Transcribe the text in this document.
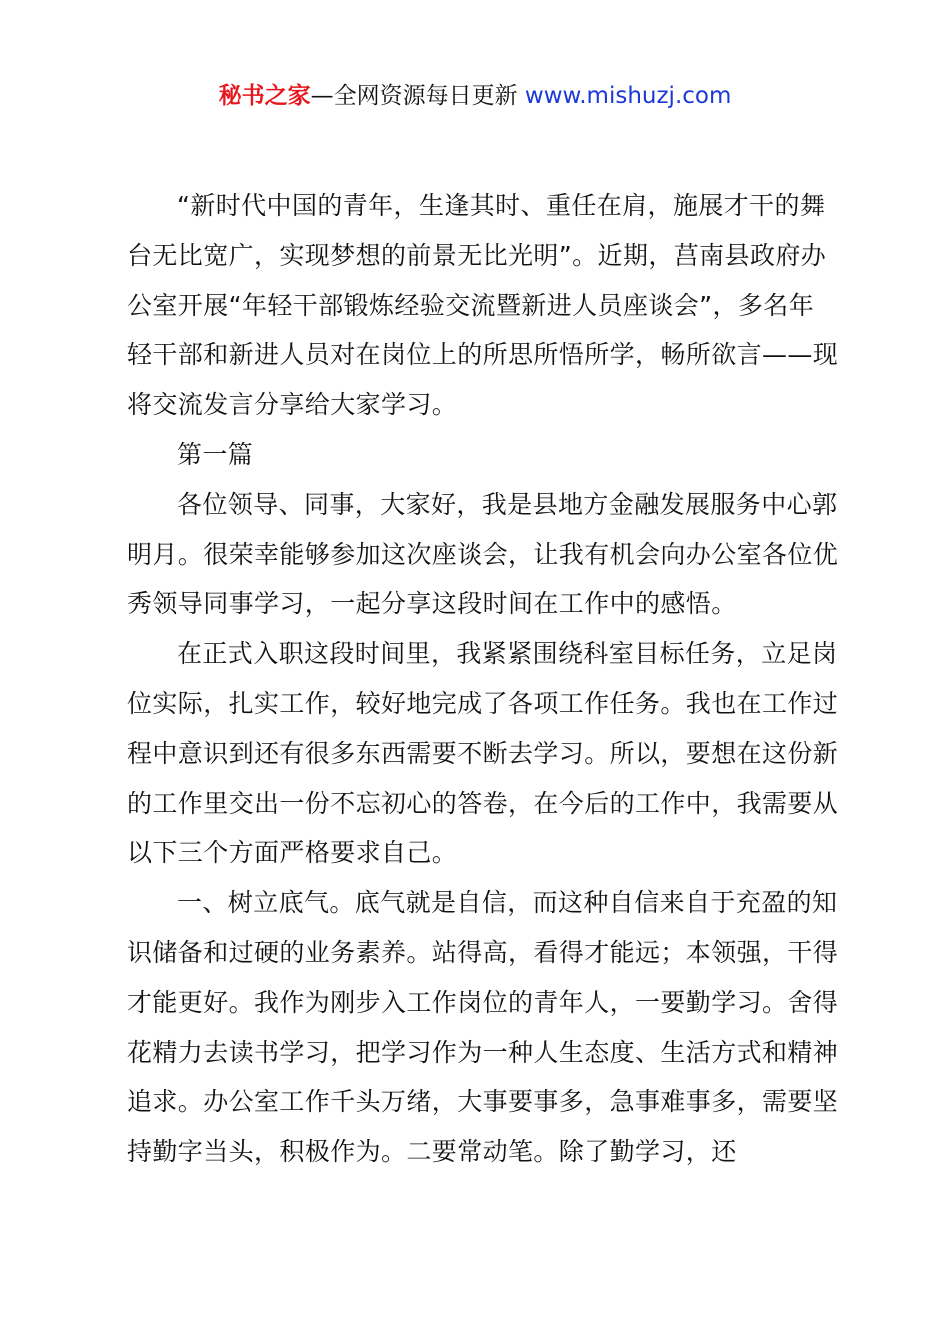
秘书之家—全网资源每日更新 www.mishuzj.com

“新时代中国的青年，生逢其时、重任在肩，施展才干的舞台无比宽广，实现梦想的前景无比光明”。近期，莒南县政府办公室开展“年轻干部锻炼经验交流暨新进人员座谈会”，多名年轻干部和新进人员对在岗位上的所思所悟所学，畅所欲言——现将交流发言分享给大家学习。

第一篇

各位领导、同事，大家好，我是县地方金融发展服务中心郭明月。很荣幸能够参加这次座谈会，让我有机会向办公室各位优秀领导同事学习，一起分享这段时间在工作中的感悟。

在正式入职这段时间里，我紧紧围绕科室目标任务，立足岗位实际，扎实工作，较好地完成了各项工作任务。我也在工作过程中意识到还有很多东西需要不断去学习。所以，要想在这份新的工作里交出一份不忘初心的答卷，在今后的工作中，我需要从以下三个方面严格要求自己。

一、树立底气。底气就是自信，而这种自信来自于充盈的知识储备和过硬的业务素养。站得高，看得才能远；本领强，干得才能更好。我作为刚步入工作岗位的青年人，一要勤学习。舍得花精力去读书学习，把学习作为一种人生态度、生活方式和精神追求。办公室工作千头万绪，大事要事多，急事难事多，需要坚持勤字当头，积极作为。二要常动笔。除了勤学习，还
